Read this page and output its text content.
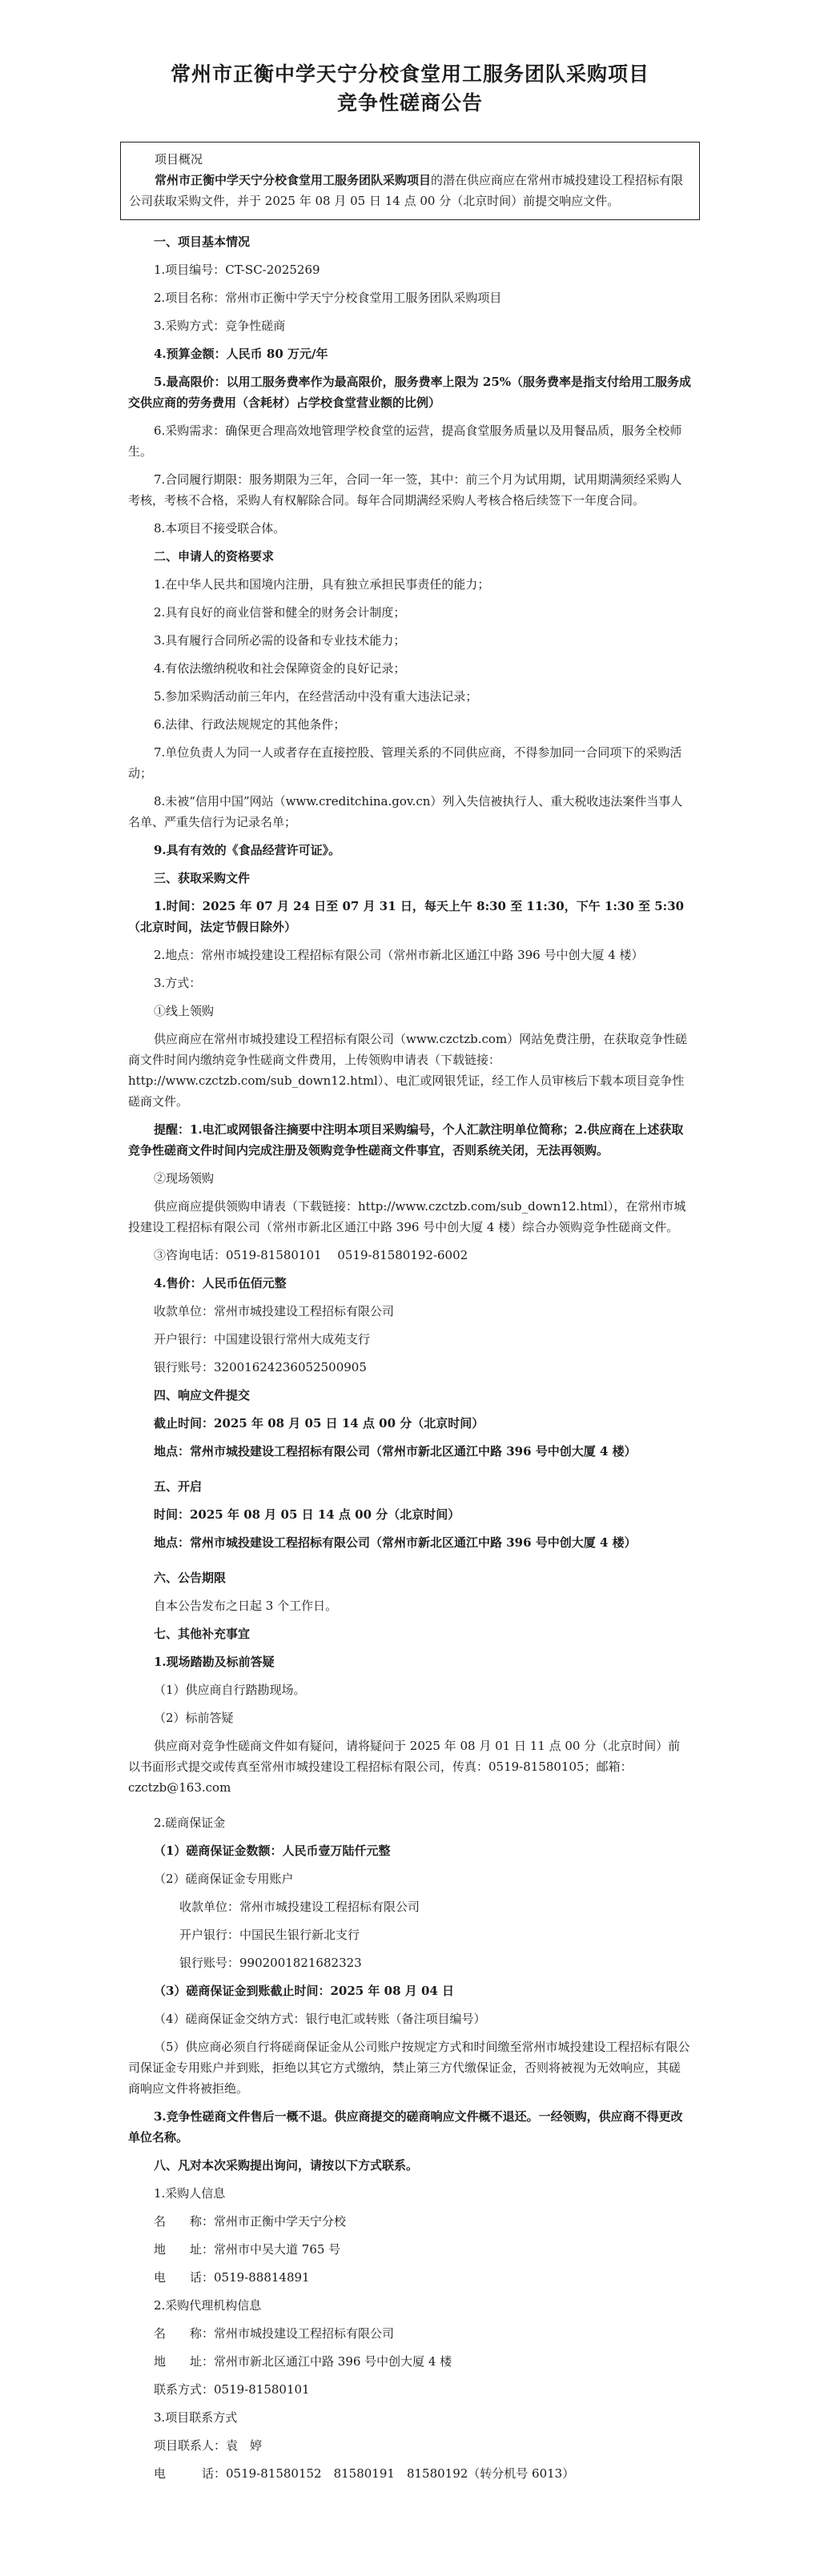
常州市正衡中学天宁分校食堂用工服务团队采购项目
竞争性磋商公告
项目概况
常州市正衡中学天宁分校食堂用工服务团队采购项目的潜在供应商应在常州市城投建设工程招标有限公司获取采购文件，并于 2025 年 08 月 05 日 14 点 00 分（北京时间）前提交响应文件。
一、项目基本情况
1.项目编号：CT-SC-2025269
2.项目名称：常州市正衡中学天宁分校食堂用工服务团队采购项目
3.采购方式：竞争性磋商
4.预算金额：人民币 80 万元/年
5.最高限价：以用工服务费率作为最高限价，服务费率上限为 25%（服务费率是指支付给用工服务成交供应商的劳务费用（含耗材）占学校食堂营业额的比例）
6.采购需求：确保更合理高效地管理学校食堂的运营，提高食堂服务质量以及用餐品质，服务全校师生。
7.合同履行期限：服务期限为三年，合同一年一签，其中：前三个月为试用期，试用期满须经采购人考核，考核不合格，采购人有权解除合同。每年合同期满经采购人考核合格后续签下一年度合同。
8.本项目不接受联合体。
二、申请人的资格要求
1.在中华人民共和国境内注册，具有独立承担民事责任的能力；
2.具有良好的商业信誉和健全的财务会计制度；
3.具有履行合同所必需的设备和专业技术能力；
4.有依法缴纳税收和社会保障资金的良好记录；
5.参加采购活动前三年内，在经营活动中没有重大违法记录；
6.法律、行政法规规定的其他条件；
7.单位负责人为同一人或者存在直接控股、管理关系的不同供应商，不得参加同一合同项下的采购活动；
8.未被“信用中国”网站（www.creditchina.gov.cn）列入失信被执行人、重大税收违法案件当事人名单、严重失信行为记录名单；
9.具有有效的《食品经营许可证》。
三、获取采购文件
1.时间：2025 年 07 月 24 日至 07 月 31 日，每天上午 8:30 至 11:30，下午 1:30 至 5:30（北京时间，法定节假日除外）
2.地点：常州市城投建设工程招标有限公司（常州市新北区通江中路 396 号中创大厦 4 楼）
3.方式：
①线上领购
供应商应在常州市城投建设工程招标有限公司（www.czctzb.com）网站免费注册，在获取竞争性磋商文件时间内缴纳竞争性磋商文件费用，上传领购申请表（下载链接：http://www.czctzb.com/sub_down12.html）、电汇或网银凭证，经工作人员审核后下载本项目竞争性磋商文件。
提醒：1.电汇或网银备注摘要中注明本项目采购编号，个人汇款注明单位简称；2.供应商在上述获取竞争性磋商文件时间内完成注册及领购竞争性磋商文件事宜，否则系统关闭，无法再领购。
②现场领购
供应商应提供领购申请表（下载链接：http://www.czctzb.com/sub_down12.html），在常州市城投建设工程招标有限公司（常州市新北区通江中路 396 号中创大厦 4 楼）综合办领购竞争性磋商文件。
③咨询电话：0519-81580101　 0519-81580192-6002
4.售价：人民币伍佰元整
收款单位：常州市城投建设工程招标有限公司
开户银行：中国建设银行常州大成苑支行
银行账号：32001624236052500905
四、响应文件提交
截止时间：2025 年 08 月 05 日 14 点 00 分（北京时间）
地点：常州市城投建设工程招标有限公司（常州市新北区通江中路 396 号中创大厦 4 楼）
五、开启
时间：2025 年 08 月 05 日 14 点 00 分（北京时间）
地点：常州市城投建设工程招标有限公司（常州市新北区通江中路 396 号中创大厦 4 楼）
六、公告期限
自本公告发布之日起 3 个工作日。
七、其他补充事宜
1.现场踏勘及标前答疑
（1）供应商自行踏勘现场。
（2）标前答疑
供应商对竞争性磋商文件如有疑问，请将疑问于 2025 年 08 月 01 日 11 点 00 分（北京时间）前以书面形式提交或传真至常州市城投建设工程招标有限公司，传真：0519-81580105；邮箱：czctzb@163.com
2.磋商保证金
（1）磋商保证金数额：人民币壹万陆仟元整
（2）磋商保证金专用账户
收款单位：常州市城投建设工程招标有限公司
开户银行：中国民生银行新北支行
银行账号：9902001821682323
（3）磋商保证金到账截止时间：2025 年 08 月 04 日
（4）磋商保证金交纳方式：银行电汇或转账（备注项目编号）
（5）供应商必须自行将磋商保证金从公司账户按规定方式和时间缴至常州市城投建设工程招标有限公司保证金专用账户并到账，拒绝以其它方式缴纳，禁止第三方代缴保证金，否则将被视为无效响应，其磋商响应文件将被拒绝。
3.竞争性磋商文件售后一概不退。供应商提交的磋商响应文件概不退还。一经领购，供应商不得更改单位名称。
八、凡对本次采购提出询问，请按以下方式联系。
1.采购人信息
名　　称：常州市正衡中学天宁分校
地　　址：常州市中吴大道 765 号
电　　话：0519-88814891
2.采购代理机构信息
名　　称：常州市城投建设工程招标有限公司
地　　址：常州市新北区通江中路 396 号中创大厦 4 楼
联系方式：0519-81580101
3.项目联系方式
项目联系人：袁　婷
电　　　话：0519-81580152　81580191　81580192（转分机号 6013）
